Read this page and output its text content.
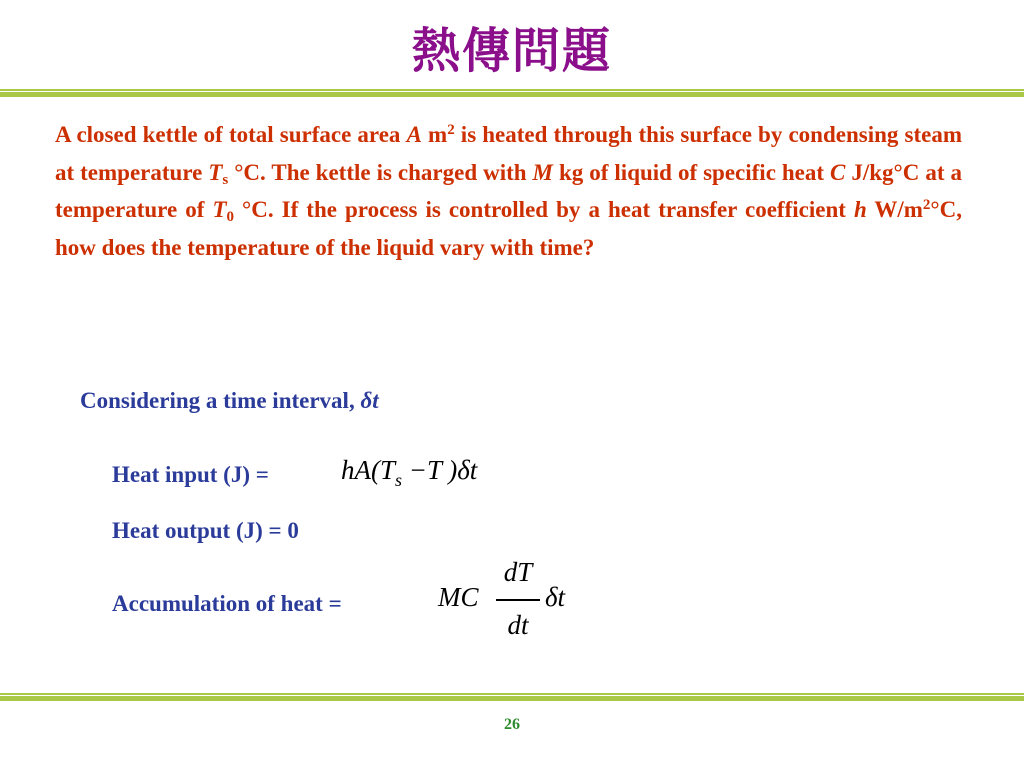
熱傳問題
A closed kettle of total surface area A $m^2$ is heated through this surface by condensing steam at temperature $T_s$ °C. The kettle is charged with M kg of liquid of specific heat C J/kg°C at a temperature of $T_0$ °C. If the process is controlled by a heat transfer coefficient h $W/m^2^\circ C$, how does the temperature of the liquid vary with time?
Considering a time interval, δt
Heat input (J) =	$hA(T_s -T$ )δt
Heat output (J) = 0
Accumulation of heat =	MC
dT
dt
δt
26
